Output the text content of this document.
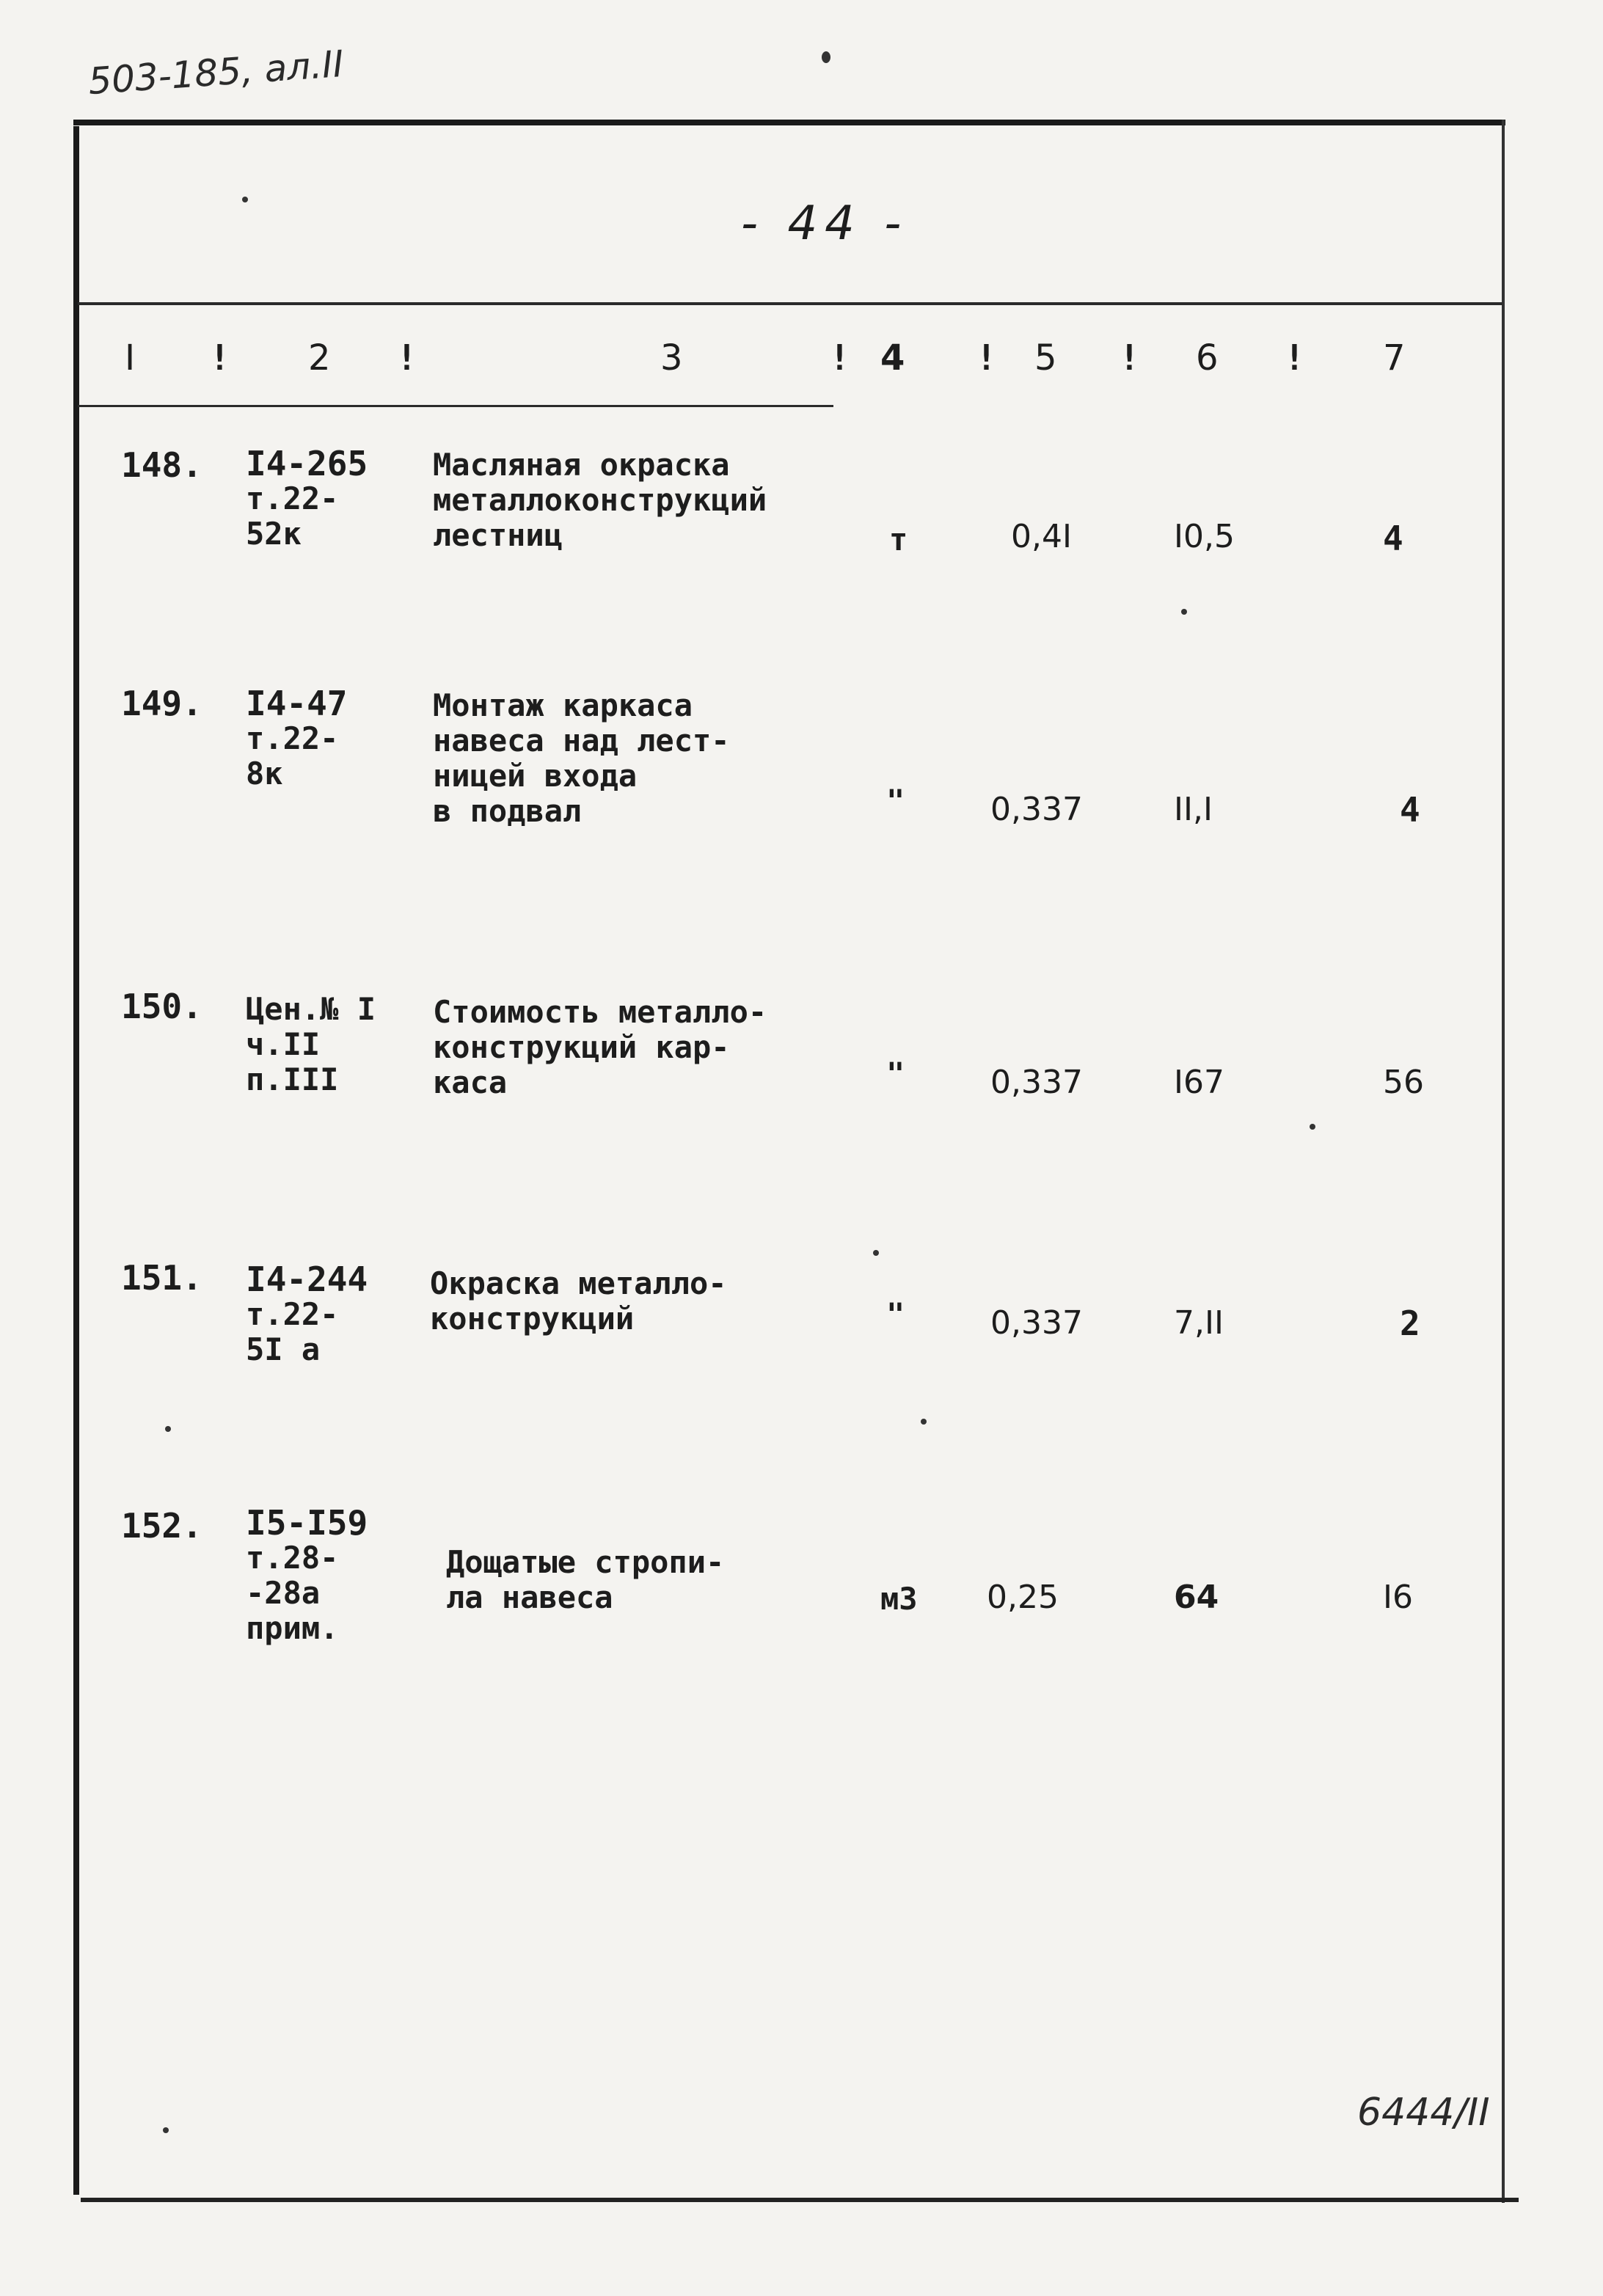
503-185, ал.II
- 44 -
I ! 2 !	3	! 4 ! 5 ! 6 ! 7
148. I4-265
т.22-
52к
Масляная окраска
металлоконструкций
лестниц	т	0,4I	I0,5	4
149. I4-47
т.22-
8к
Монтаж каркаса
навеса над лест-
ницей входа
в подвал	"	0,337	II,I	4
150. Цен.№ I
ч.II
п.III
Стоимость металло-
конструкций кар-
каса	"	0,337	I67	56
151. I4-244
т.22-
5I а
Окраска металло-
конструкций	"	0,337	7,II	2
152. I5-I59
т.28-
-28а
прим.
Дощатые стропи-
ла навеса	м3 0,25	64	I6
6444/II
